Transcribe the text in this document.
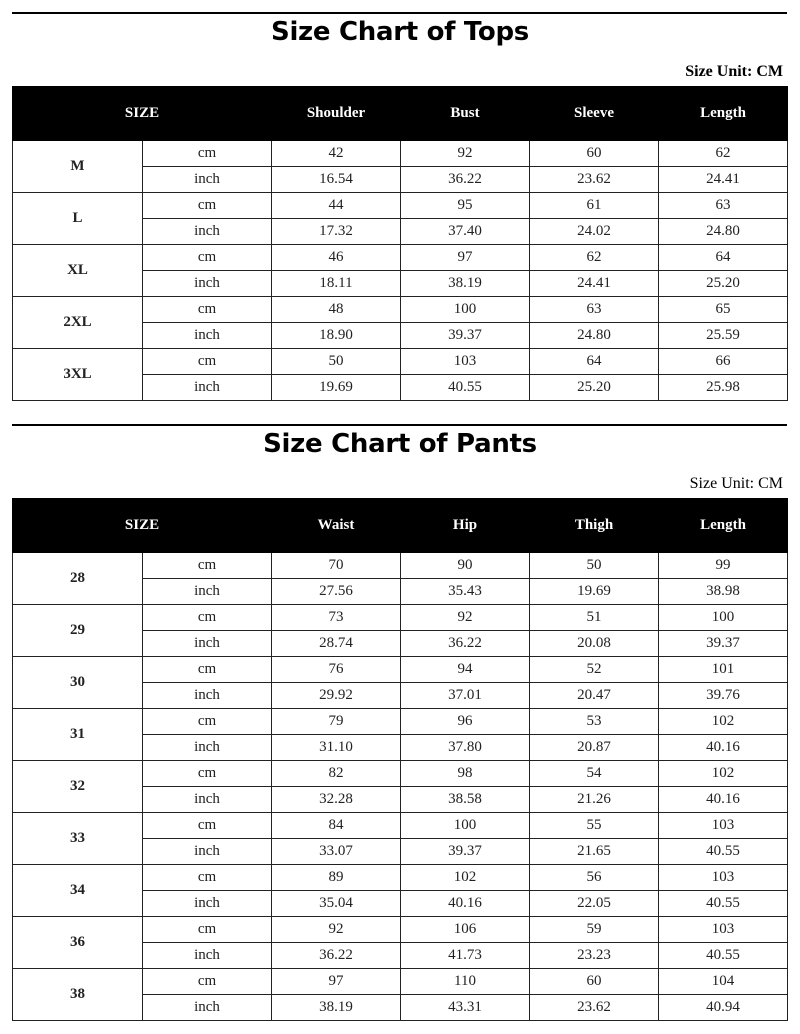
Size Chart of Tops
Size Unit: CM
SIZE		Shoulder	Bust	Sleeve	Length
M	cm	42	92	60	62
	inch	16.54	36.22	23.62	24.41
L	cm	44	95	61	63
	inch	17.32	37.40	24.02	24.80
XL	cm	46	97	62	64
	inch	18.11	38.19	24.41	25.20
2XL	cm	48	100	63	65
	inch	18.90	39.37	24.80	25.59
3XL	cm	50	103	64	66
	inch	19.69	40.55	25.20	25.98
Size Chart of Pants
Size Unit: CM
SIZE		Waist	Hip	Thigh	Length
28	cm	70	90	50	99
	inch	27.56	35.43	19.69	38.98
29	cm	73	92	51	100
	inch	28.74	36.22	20.08	39.37
30	cm	76	94	52	101
	inch	29.92	37.01	20.47	39.76
31	cm	79	96	53	102
	inch	31.10	37.80	20.87	40.16
32	cm	82	98	54	102
	inch	32.28	38.58	21.26	40.16
33	cm	84	100	55	103
	inch	33.07	39.37	21.65	40.55
34	cm	89	102	56	103
	inch	35.04	40.16	22.05	40.55
36	cm	92	106	59	103
	inch	36.22	41.73	23.23	40.55
38	cm	97	110	60	104
	inch	38.19	43.31	23.62	40.94
